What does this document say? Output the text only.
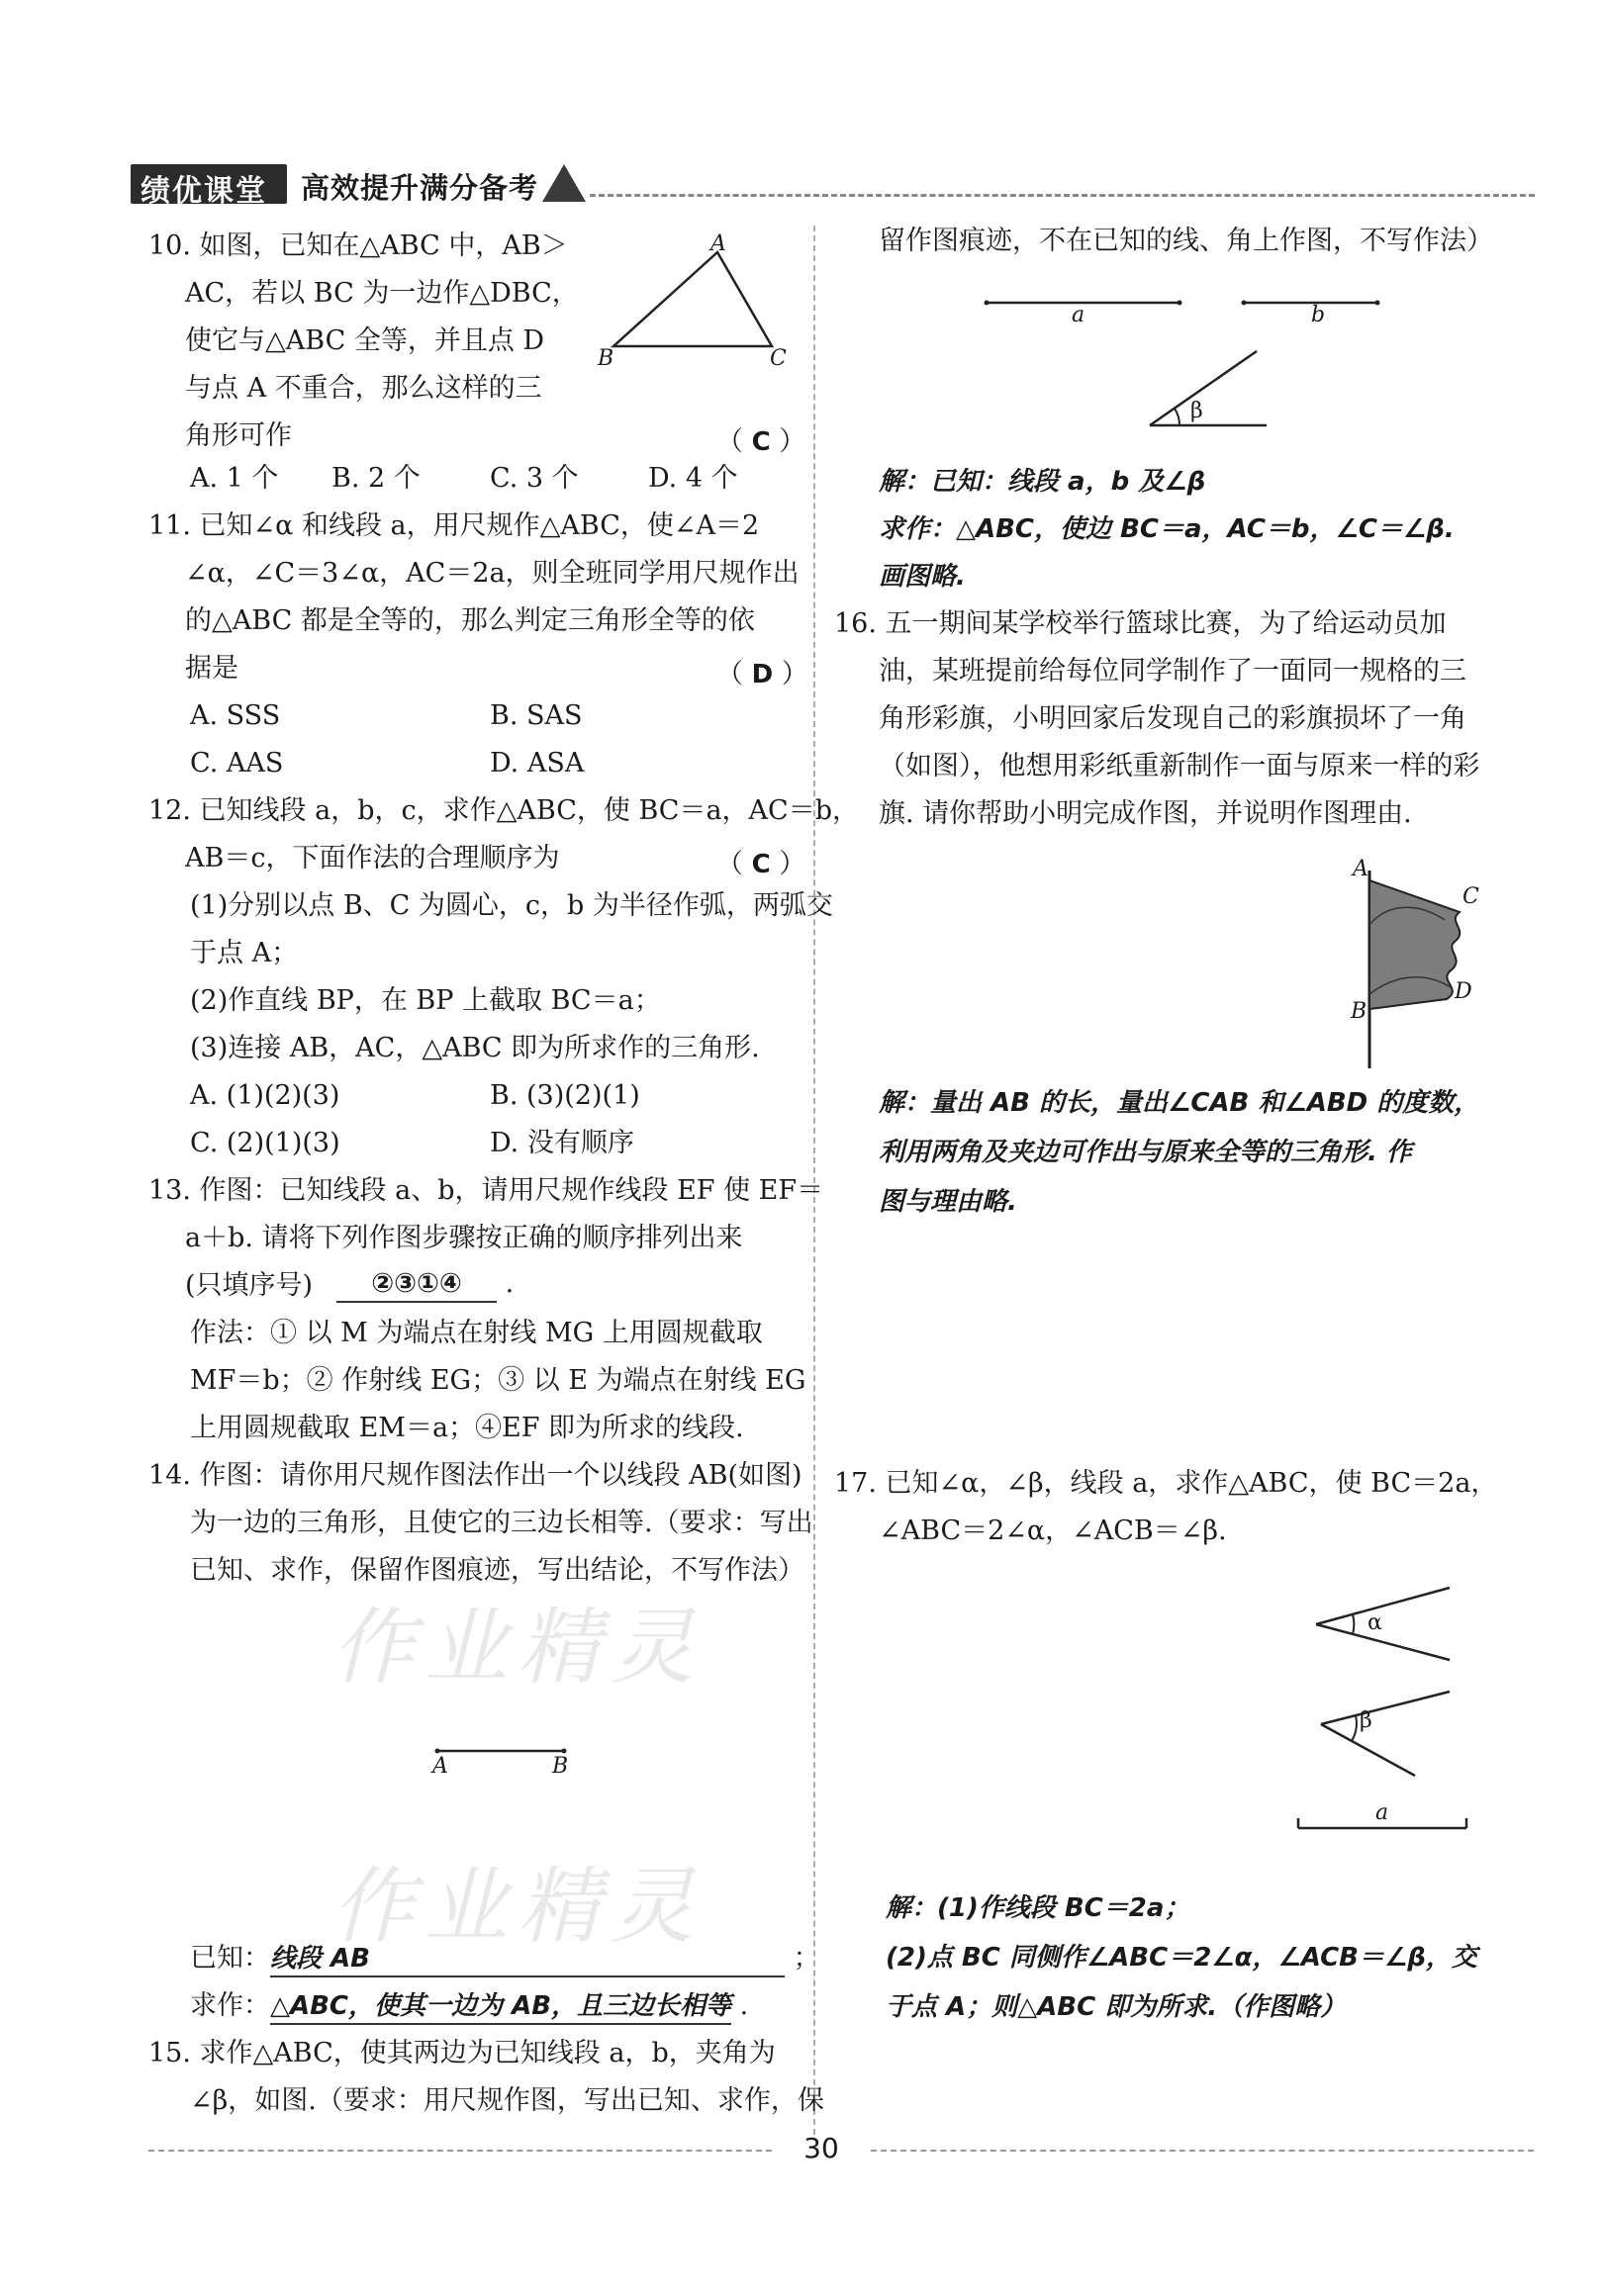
绩优课堂 高效提升满分备考
作业精灵
作业精灵
10. 如图，已知在△ABC 中，AB＞
AC，若以 BC 为一边作△DBC，
使它与△ABC 全等，并且点 D
与点 A 不重合，那么这样的三
角形可作	（ C ）
A
B	C
A. 1 个 B. 2 个	C. 3 个	D. 4 个
11. 已知∠α 和线段 a，用尺规作△ABC，使∠A＝2
∠α，∠C＝3∠α，AC＝2a，则全班同学用尺规作出
的△ABC 都是全等的，那么判定三角形全等的依
据是	（ D ）
A. SSS	B. SAS
C. AAS	D. ASA
12. 已知线段 a，b，c，求作△ABC，使 BC＝a，AC＝b，
AB＝c，下面作法的合理顺序为	（ C ）
(1)分别以点 B、C 为圆心，c，b 为半径作弧，两弧交
于点 A；
(2)作直线 BP，在 BP 上截取 BC＝a；
(3)连接 AB，AC，△ABC 即为所求作的三角形.
A. (1)(2)(3)	B. (3)(2)(1)
C. (2)(1)(3)	D. 没有顺序
13. 作图：已知线段 a、b，请用尺规作线段 EF 使 EF＝
a＋b. 请将下列作图步骤按正确的顺序排列出来
(只填序号)	②③①④ .
作法：① 以 M 为端点在射线 MG 上用圆规截取
MF＝b；② 作射线 EG；③ 以 E 为端点在射线 EG
上用圆规截取 EM＝a；④EF 即为所求的线段.
14. 作图：请你用尺规作图法作出一个以线段 AB(如图)
为一边的三角形，且使它的三边长相等.（要求：写出
已知、求作，保留作图痕迹，写出结论，不写作法）
A	B
已知：线段 AB	；
求作：△ABC，使其一边为 AB，且三边长相等 .
15. 求作△ABC，使其两边为已知线段 a，b，夹角为
∠β，如图.（要求：用尺规作图，写出已知、求作，保
留作图痕迹，不在已知的线、角上作图，不写作法）
a	b
β
解：已知：线段 a，b 及∠β
求作：△ABC，使边 BC＝a，AC＝b，∠C＝∠β.
画图略.
16. 五一期间某学校举行篮球比赛，为了给运动员加
油，某班提前给每位同学制作了一面同一规格的三
角形彩旗，小明回家后发现自己的彩旗损坏了一角
（如图），他想用彩纸重新制作一面与原来一样的彩
旗. 请你帮助小明完成作图，并说明作图理由.
A
C
B
D
解：量出 AB 的长，量出∠CAB 和∠ABD 的度数，
利用两角及夹边可作出与原来全等的三角形. 作
图与理由略.
17. 已知∠α，∠β，线段 a，求作△ABC，使 BC＝2a，
∠ABC＝2∠α，∠ACB＝∠β.
α
β
a
解：(1)作线段 BC＝2a；
(2)点 BC 同侧作∠ABC＝2∠α，∠ACB＝∠β，交
于点 A；则△ABC 即为所求.（作图略）
30
